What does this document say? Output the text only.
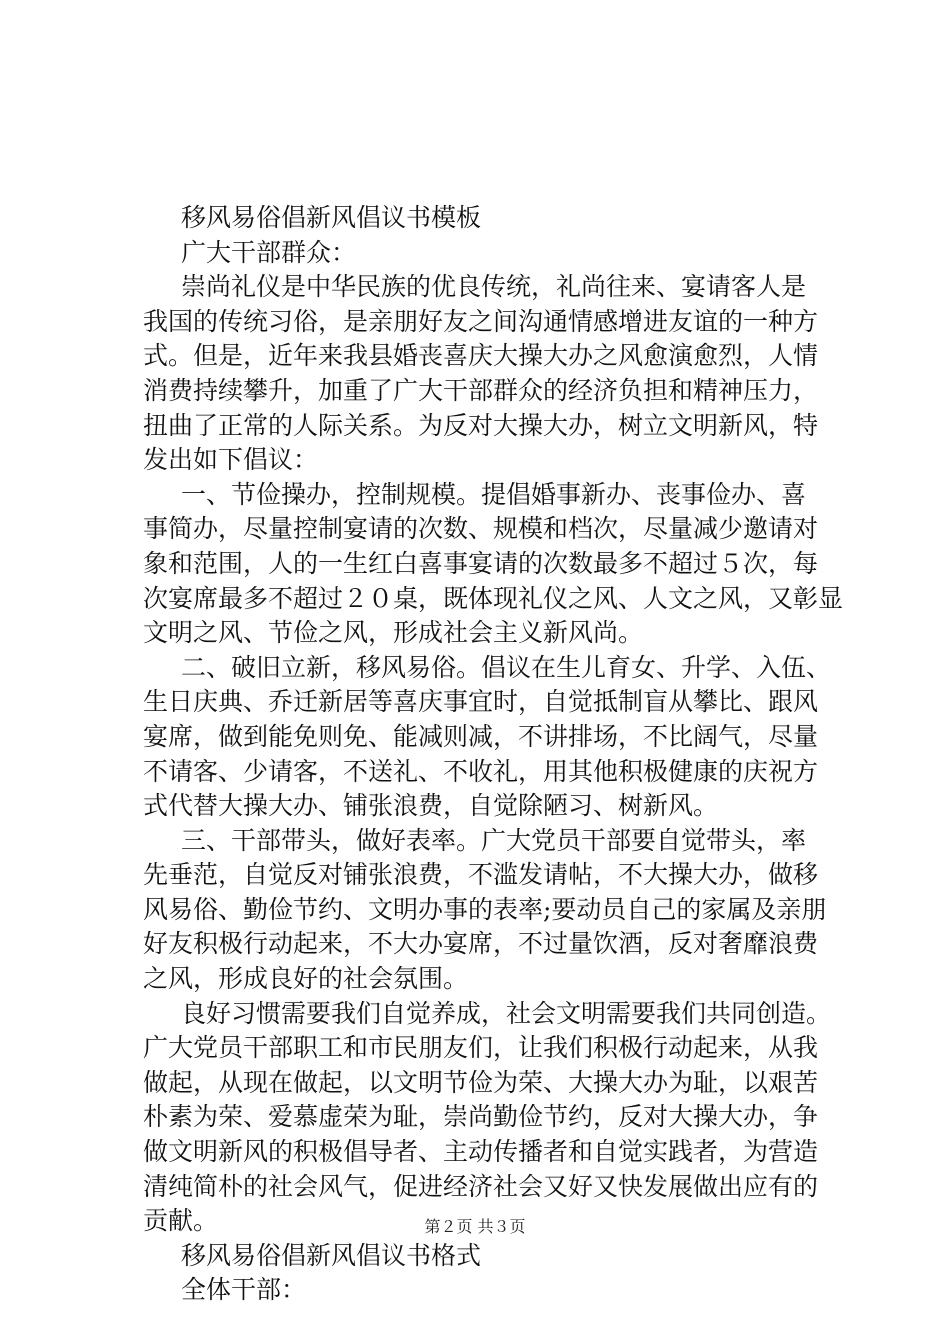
移风易俗倡新风倡议书模板

广大干部群众：

崇尚礼仪是中华民族的优良传统，礼尚往来、宴请客人是

我国的传统习俗，是亲朋好友之间沟通情感增进友谊的一种方

式。但是，近年来我县婚丧喜庆大操大办之风愈演愈烈，人情

消费持续攀升，加重了广大干部群众的经济负担和精神压力，

扭曲了正常的人际关系。为反对大操大办，树立文明新风，特

发出如下倡议：

一、节俭操办，控制规模。提倡婚事新办、丧事俭办、喜

事简办，尽量控制宴请的次数、规模和档次，尽量减少邀请对

象和范围，人的一生红白喜事宴请的次数最多不超过５次，每

次宴席最多不超过２０桌，既体现礼仪之风、人文之风，又彰显

文明之风、节俭之风，形成社会主义新风尚。

二、破旧立新，移风易俗。倡议在生儿育女、升学、入伍、

生日庆典、乔迁新居等喜庆事宜时，自觉抵制盲从攀比、跟风

宴席，做到能免则免、能减则减，不讲排场，不比阔气，尽量

不请客、少请客，不送礼、不收礼，用其他积极健康的庆祝方

式代替大操大办、铺张浪费，自觉除陋习、树新风。

三、干部带头，做好表率。广大党员干部要自觉带头，率

先垂范，自觉反对铺张浪费，不滥发请帖，不大操大办，做移

风易俗、勤俭节约、文明办事的表率;要动员自己的家属及亲朋

好友积极行动起来，不大办宴席，不过量饮酒，反对奢靡浪费

之风，形成良好的社会氛围。

良好习惯需要我们自觉养成，社会文明需要我们共同创造。

广大党员干部职工和市民朋友们，让我们积极行动起来，从我

做起，从现在做起，以文明节俭为荣、大操大办为耻，以艰苦

朴素为荣、爱慕虚荣为耻，崇尚勤俭节约，反对大操大办，争

做文明新风的积极倡导者、主动传播者和自觉实践者，为营造

清纯简朴的社会风气，促进经济社会又好又快发展做出应有的

贡献。

移风易俗倡新风倡议书格式

全体干部：

第２页 共３页
